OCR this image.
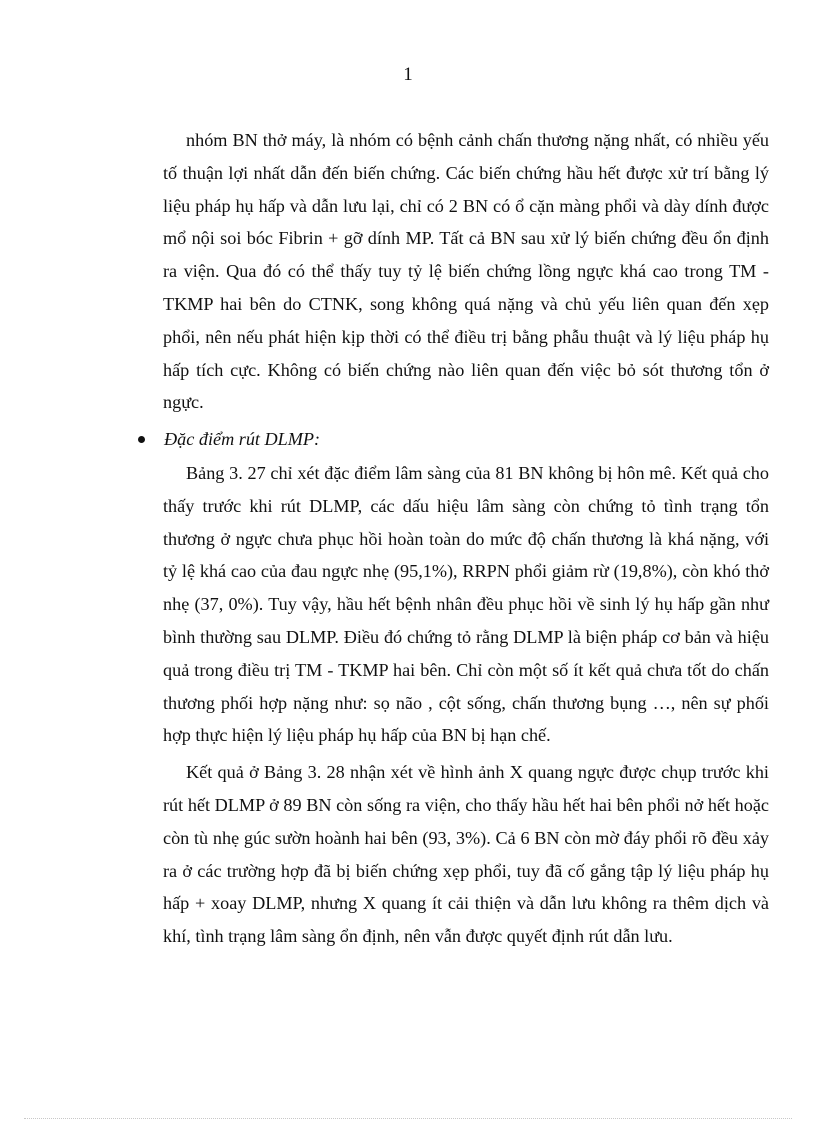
1

nhóm BN thở máy, là nhóm có bệnh cảnh chấn thương nặng nhất, có nhiều yếu tố thuận lợi nhất dẫn đến biến chứng. Các biến chứng hầu hết được xử trí bằng lý liệu pháp hụ hấp và dẫn lưu lại, chỉ có 2 BN có ổ cặn màng phổi và dày dính được mổ nội soi bóc Fibrin + gỡ dính MP. Tất cả BN sau xử lý biến chứng đều ổn định ra viện. Qua đó có thể thấy tuy tỷ lệ biến chứng lồng ngực khá cao trong TM - TKMP hai bên do CTNK, song không quá nặng và chủ yếu liên quan đến xẹp phổi, nên nếu phát hiện kịp thời có thể điều trị bằng phẫu thuật và lý liệu pháp hụ hấp tích cực. Không có biến chứng nào liên quan đến việc bỏ sót thương tổn ở ngực.

Đặc điểm rút DLMP:

Bảng 3. 27 chỉ xét đặc điểm lâm sàng của 81 BN không bị hôn mê. Kết quả cho thấy trước khi rút DLMP, các dấu hiệu lâm sàng còn chứng tỏ tình trạng tổn thương ở ngực chưa phục hồi hoàn toàn do mức độ chấn thương là khá nặng, với tỷ lệ khá cao của đau ngực nhẹ (95,1%), RRPN phổi giảm rừ (19,8%), còn khó thở nhẹ (37, 0%). Tuy vậy, hầu hết bệnh nhân đều phục hồi về sinh lý hụ hấp gần như bình thường sau DLMP. Điều đó chứng tỏ rằng DLMP là biện pháp cơ bản và hiệu quả trong điều trị TM - TKMP hai bên. Chỉ còn một số ít kết quả chưa tốt do chấn thương phối hợp nặng như: sọ não , cột sống, chấn thương bụng …, nên sự phối hợp thực hiện lý liệu pháp hụ hấp của BN bị hạn chế.

Kết quả ở Bảng 3. 28 nhận xét về hình ảnh X quang ngực được chụp trước khi rút hết DLMP ở 89 BN còn sống ra viện, cho thấy hầu hết hai bên phổi nở hết hoặc còn tù nhẹ gúc sườn hoành hai bên (93, 3%). Cả 6 BN còn mờ đáy phổi rõ đều xảy ra ở các trường hợp đã bị biến chứng xẹp phổi, tuy đã cố gắng tập lý liệu pháp hụ hấp + xoay DLMP, nhưng X quang ít cải thiện và dẫn lưu không ra thêm dịch và khí, tình trạng lâm sàng ổn định, nên vẫn được quyết định rút dẫn lưu.
